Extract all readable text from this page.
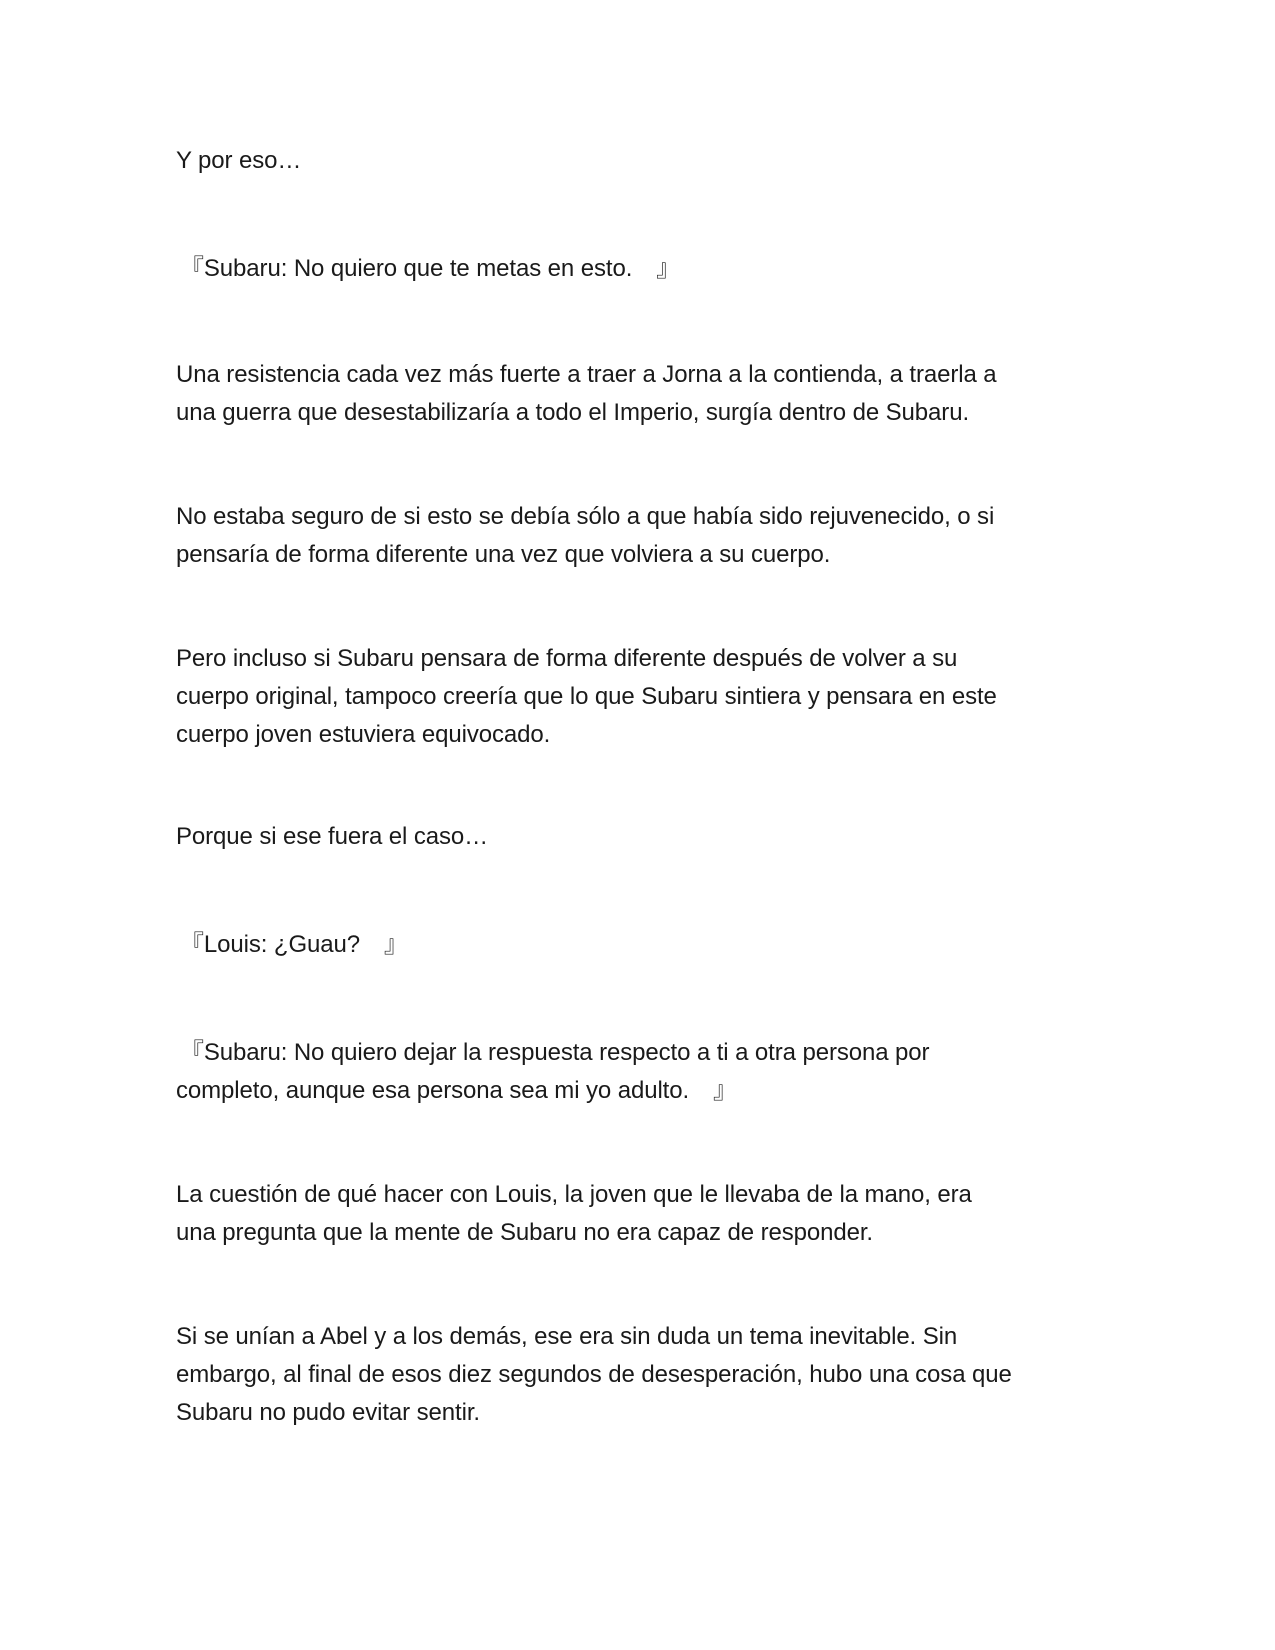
Y por eso…

『Subaru: No quiero que te metas en esto.　』

Una resistencia cada vez más fuerte a traer a Jorna a la contienda, a traerla a
una guerra que desestabilizaría a todo el Imperio, surgía dentro de Subaru.

No estaba seguro de si esto se debía sólo a que había sido rejuvenecido, o si
pensaría de forma diferente una vez que volviera a su cuerpo.

Pero incluso si Subaru pensara de forma diferente después de volver a su
cuerpo original, tampoco creería que lo que Subaru sintiera y pensara en este
cuerpo joven estuviera equivocado.

Porque si ese fuera el caso…

『Louis: ¿Guau?　』

『Subaru: No quiero dejar la respuesta respecto a ti a otra persona por
completo, aunque esa persona sea mi yo adulto.　』

La cuestión de qué hacer con Louis, la joven que le llevaba de la mano, era
una pregunta que la mente de Subaru no era capaz de responder.

Si se unían a Abel y a los demás, ese era sin duda un tema inevitable. Sin
embargo, al final de esos diez segundos de desesperación, hubo una cosa que
Subaru no pudo evitar sentir.
